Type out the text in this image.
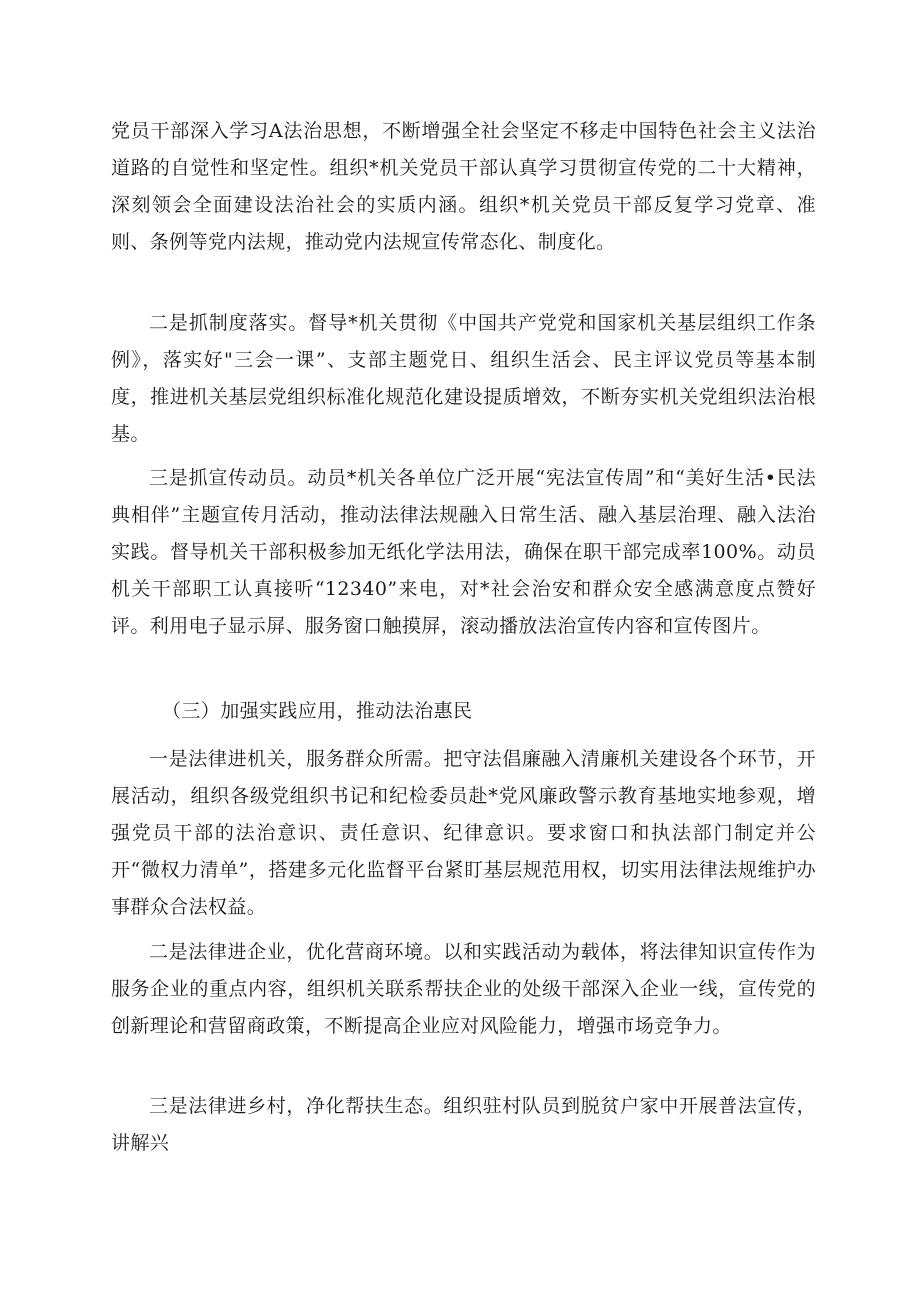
党员干部深入学习A法治思想，不断增强全社会坚定不移走中国特色社会主义法治道路的自觉性和坚定性。组织*机关党员干部认真学习贯彻宣传党的二十大精神，深刻领会全面建设法治社会的实质内涵。组织*机关党员干部反复学习党章、准则、条例等党内法规，推动党内法规宣传常态化、制度化。

二是抓制度落实。督导*机关贯彻《中国共产党党和国家机关基层组织工作条例》，落实好"三会一课”、支部主题党日、组织生活会、民主评议党员等基本制度，推进机关基层党组织标准化规范化建设提质增效，不断夯实机关党组织法治根基。

三是抓宣传动员。动员*机关各单位广泛开展“宪法宣传周”和“美好生活•民法典相伴”主题宣传月活动，推动法律法规融入日常生活、融入基层治理、融入法治实践。督导机关干部积极参加无纸化学法用法，确保在职干部完成率100%。动员机关干部职工认真接听“12340”来电，对*社会治安和群众安全感满意度点赞好评。利用电子显示屏、服务窗口触摸屏，滚动播放法治宣传内容和宣传图片。

（三）加强实践应用，推动法治惠民

一是法律进机关，服务群众所需。把守法倡廉融入清廉机关建设各个环节，开展活动，组织各级党组织书记和纪检委员赴*党风廉政警示教育基地实地参观，增强党员干部的法治意识、责任意识、纪律意识。要求窗口和执法部门制定并公开“微权力清单”，搭建多元化监督平台紧盯基层规范用权，切实用法律法规维护办事群众合法权益。

二是法律进企业，优化营商环境。以和实践活动为载体，将法律知识宣传作为服务企业的重点内容，组织机关联系帮扶企业的处级干部深入企业一线，宣传党的创新理论和营留商政策，不断提高企业应对风险能力，增强市场竞争力。

三是法律进乡村，净化帮扶生态。组织驻村队员到脱贫户家中开展普法宣传，讲解兴
